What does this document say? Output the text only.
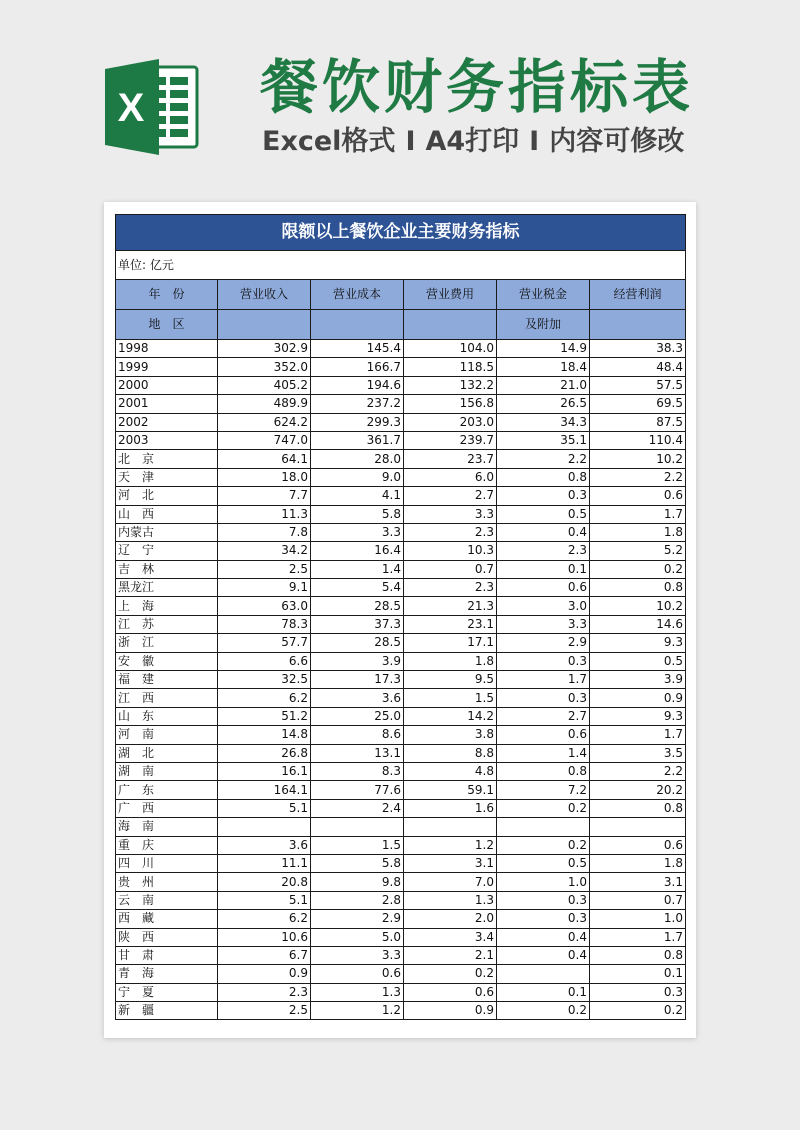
X 餐饮财务指标表
Excel格式 I A4打印 I 内容可修改
限额以上餐饮企业主要财务指标					
单位: 亿元					
年　份	营业收入	营业成本	营业费用	营业税金	经营利润
地　区				及附加	
1998	302.9	145.4	104.0	14.9	38.3
1999	352.0	166.7	118.5	18.4	48.4
2000	405.2	194.6	132.2	21.0	57.5
2001	489.9	237.2	156.8	26.5	69.5
2002	624.2	299.3	203.0	34.3	87.5
2003	747.0	361.7	239.7	35.1	110.4
北　京	64.1	28.0	23.7	2.2	10.2
天　津	18.0	9.0	6.0	0.8	2.2
河　北	7.7	4.1	2.7	0.3	0.6
山　西	11.3	5.8	3.3	0.5	1.7
内蒙古	7.8	3.3	2.3	0.4	1.8
辽　宁	34.2	16.4	10.3	2.3	5.2
吉　林	2.5	1.4	0.7	0.1	0.2
黑龙江	9.1	5.4	2.3	0.6	0.8
上　海	63.0	28.5	21.3	3.0	10.2
江　苏	78.3	37.3	23.1	3.3	14.6
浙　江	57.7	28.5	17.1	2.9	9.3
安　徽	6.6	3.9	1.8	0.3	0.5
福　建	32.5	17.3	9.5	1.7	3.9
江　西	6.2	3.6	1.5	0.3	0.9
山　东	51.2	25.0	14.2	2.7	9.3
河　南	14.8	8.6	3.8	0.6	1.7
湖　北	26.8	13.1	8.8	1.4	3.5
湖　南	16.1	8.3	4.8	0.8	2.2
广　东	164.1	77.6	59.1	7.2	20.2
广　西	5.1	2.4	1.6	0.2	0.8
海　南					
重　庆	3.6	1.5	1.2	0.2	0.6
四　川	11.1	5.8	3.1	0.5	1.8
贵　州	20.8	9.8	7.0	1.0	3.1
云　南	5.1	2.8	1.3	0.3	0.7
西　藏	6.2	2.9	2.0	0.3	1.0
陕　西	10.6	5.0	3.4	0.4	1.7
甘　肃	6.7	3.3	2.1	0.4	0.8
青　海	0.9	0.6	0.2		0.1
宁　夏	2.3	1.3	0.6	0.1	0.3
新　疆	2.5	1.2	0.9	0.2	0.2
